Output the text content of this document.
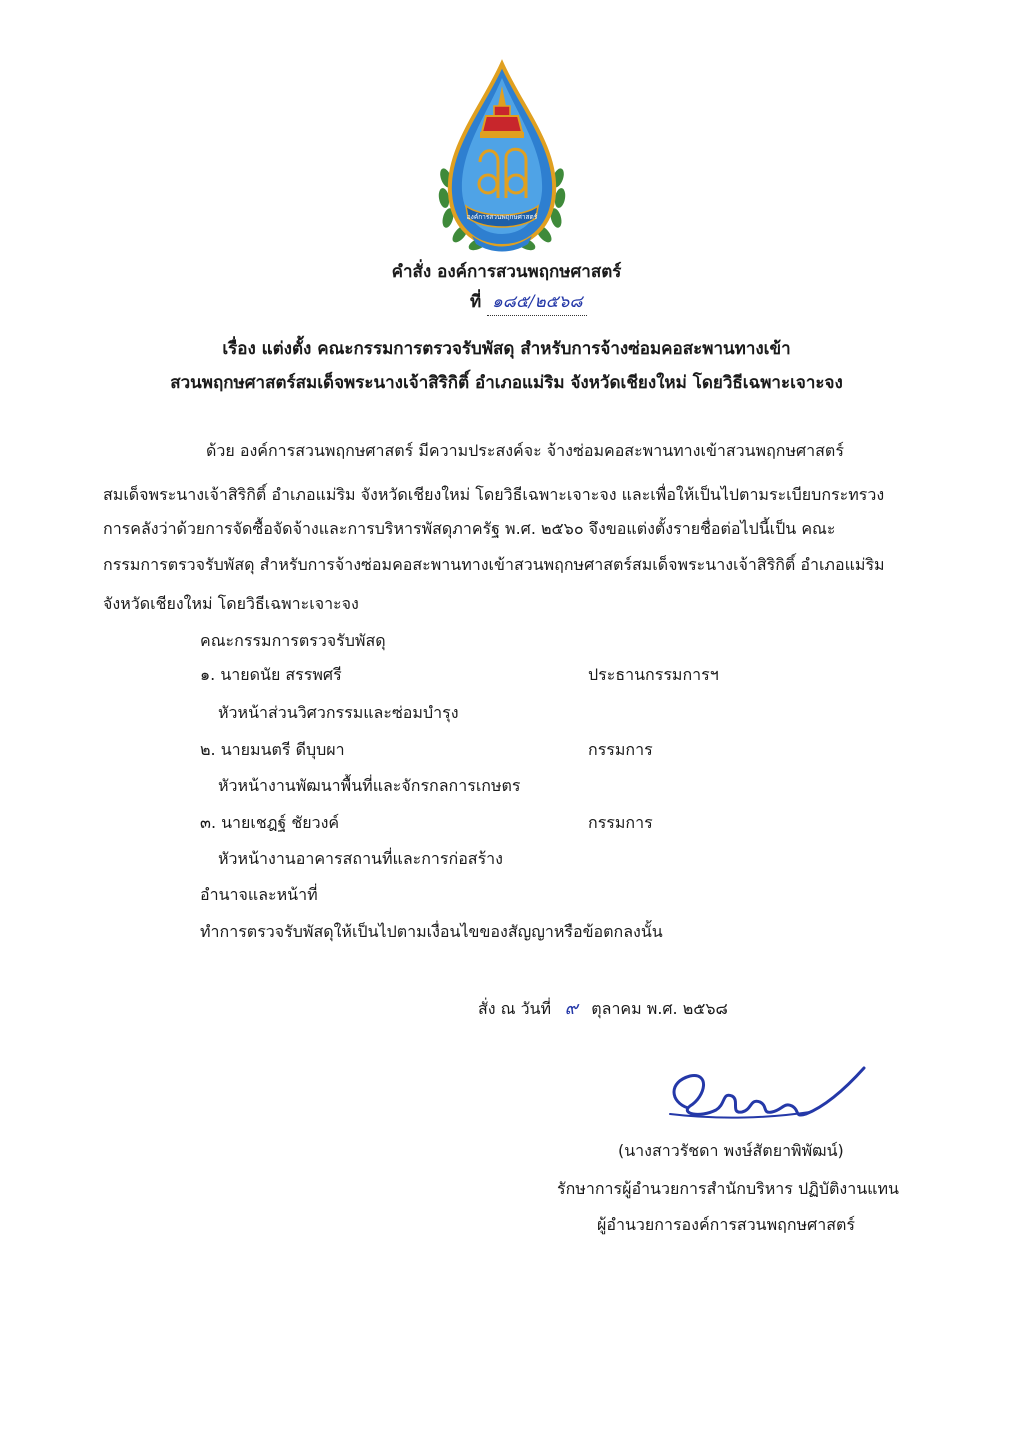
องค์การสวนพฤกษศาสตร์
คำสั่ง องค์การสวนพฤกษศาสตร์
ที่ ๑๘๕/๒๕๖๘
เรื่อง แต่งตั้ง คณะกรรมการตรวจรับพัสดุ สำหรับการจ้างซ่อมคอสะพานทางเข้า
สวนพฤกษศาสตร์สมเด็จพระนางเจ้าสิริกิติ์ อำเภอแม่ริม จังหวัดเชียงใหม่ โดยวิธีเฉพาะเจาะจง
ด้วย องค์การสวนพฤกษศาสตร์ มีความประสงค์จะ จ้างซ่อมคอสะพานทางเข้าสวนพฤกษศาสตร์
สมเด็จพระนางเจ้าสิริกิติ์ อำเภอแม่ริม จังหวัดเชียงใหม่ โดยวิธีเฉพาะเจาะจง และเพื่อให้เป็นไปตามระเบียบกระทรวง
การคลังว่าด้วยการจัดซื้อจัดจ้างและการบริหารพัสดุภาครัฐ พ.ศ. ๒๕๖๐ จึงขอแต่งตั้งรายชื่อต่อไปนี้เป็น คณะ
กรรมการตรวจรับพัสดุ สำหรับการจ้างซ่อมคอสะพานทางเข้าสวนพฤกษศาสตร์สมเด็จพระนางเจ้าสิริกิติ์ อำเภอแม่ริม
จังหวัดเชียงใหม่ โดยวิธีเฉพาะเจาะจง
คณะกรรมการตรวจรับพัสดุ
๑. นายดนัย สรรพศรี	ประธานกรรมการฯ
หัวหน้าส่วนวิศวกรรมและซ่อมบำรุง
๒. นายมนตรี ดีบุบผา	กรรมการ
หัวหน้างานพัฒนาพื้นที่และจักรกลการเกษตร
๓. นายเชฎฐ์ ชัยวงค์	กรรมการ
หัวหน้างานอาคารสถานที่และการก่อสร้าง
อำนาจและหน้าที่
ทำการตรวจรับพัสดุให้เป็นไปตามเงื่อนไขของสัญญาหรือข้อตกลงนั้น
สั่ง ณ วันที่ ๙ ตุลาคม พ.ศ. ๒๕๖๘
(นางสาวรัชดา พงษ์สัตยาพิพัฒน์)
รักษาการผู้อำนวยการสำนักบริหาร ปฏิบัติงานแทน
ผู้อำนวยการองค์การสวนพฤกษศาสตร์
